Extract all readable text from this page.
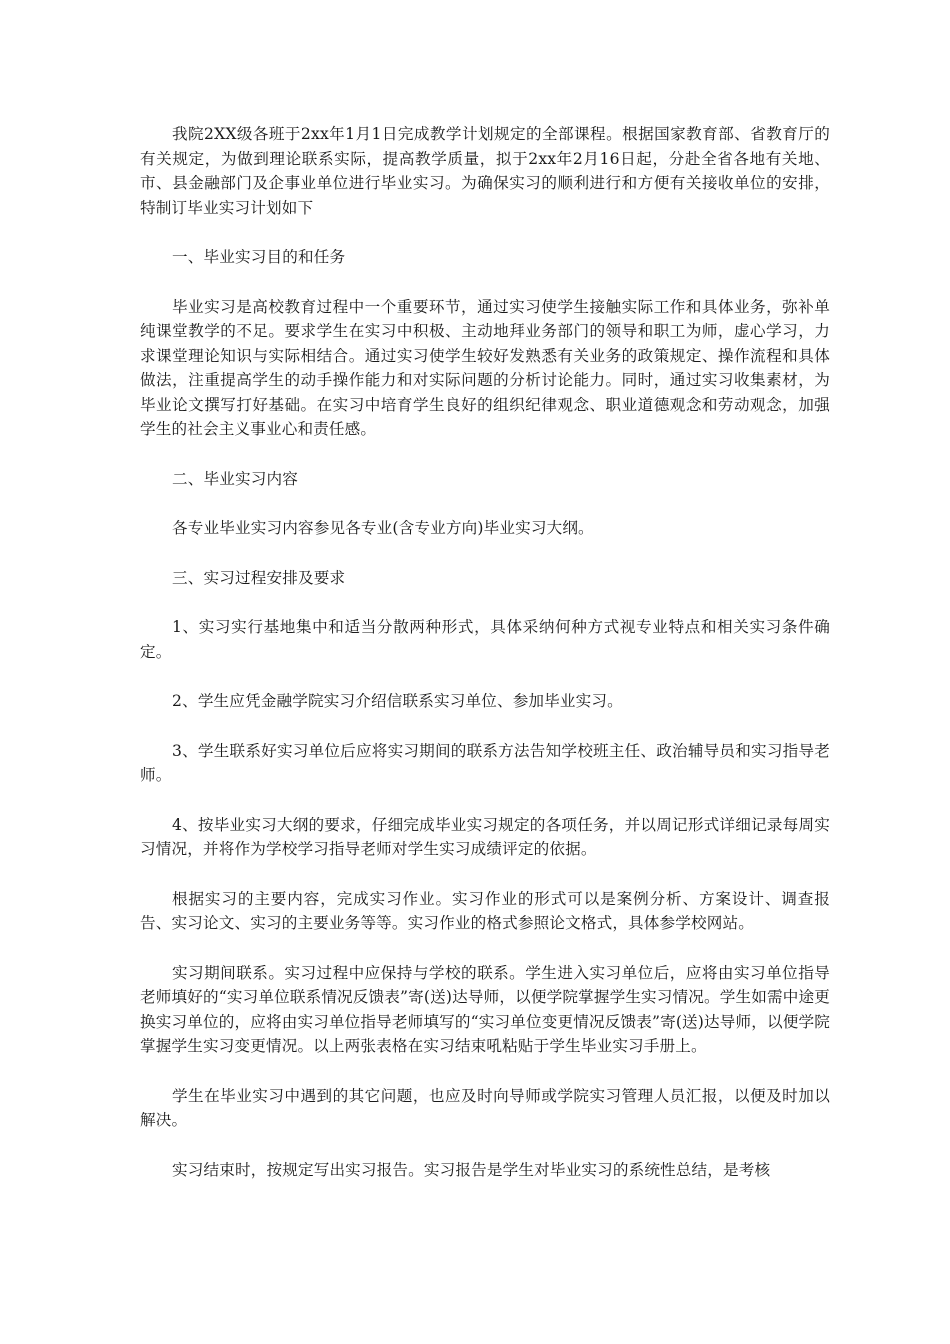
我院2XX级各班于2xx年1月1日完成教学计划规定的全部课程。根据国家教育部、省教育厅的有关规定，为做到理论联系实际，提高教学质量，拟于2xx年2月16日起，分赴全省各地有关地、市、县金融部门及企事业单位进行毕业实习。为确保实习的顺利进行和方便有关接收单位的安排，特制订毕业实习计划如下

一、毕业实习目的和任务

毕业实习是高校教育过程中一个重要环节，通过实习使学生接触实际工作和具体业务，弥补单纯课堂教学的不足。要求学生在实习中积极、主动地拜业务部门的领导和职工为师，虚心学习，力求课堂理论知识与实际相结合。通过实习使学生较好发熟悉有关业务的政策规定、操作流程和具体做法，注重提高学生的动手操作能力和对实际问题的分析讨论能力。同时，通过实习收集素材，为毕业论文撰写打好基础。在实习中培育学生良好的组织纪律观念、职业道德观念和劳动观念，加强学生的社会主义事业心和责任感。

二、毕业实习内容

各专业毕业实习内容参见各专业(含专业方向)毕业实习大纲。

三、实习过程安排及要求

1、实习实行基地集中和适当分散两种形式，具体采纳何种方式视专业特点和相关实习条件确定。

2、学生应凭金融学院实习介绍信联系实习单位、参加毕业实习。

3、学生联系好实习单位后应将实习期间的联系方法告知学校班主任、政治辅导员和实习指导老师。

4、按毕业实习大纲的要求，仔细完成毕业实习规定的各项任务，并以周记形式详细记录每周实习情况，并将作为学校学习指导老师对学生实习成绩评定的依据。

根据实习的主要内容，完成实习作业。实习作业的形式可以是案例分析、方案设计、调查报告、实习论文、实习的主要业务等等。实习作业的格式参照论文格式，具体参学校网站。

实习期间联系。实习过程中应保持与学校的联系。学生进入实习单位后，应将由实习单位指导老师填好的“实习单位联系情况反馈表”寄(送)达导师，以便学院掌握学生实习情况。学生如需中途更换实习单位的，应将由实习单位指导老师填写的“实习单位变更情况反馈表”寄(送)达导师，以便学院掌握学生实习变更情况。以上两张表格在实习结束吼粘贴于学生毕业实习手册上。

学生在毕业实习中遇到的其它问题，也应及时向导师或学院实习管理人员汇报，以便及时加以解决。

实习结束时，按规定写出实习报告。实习报告是学生对毕业实习的系统性总结，是考核
